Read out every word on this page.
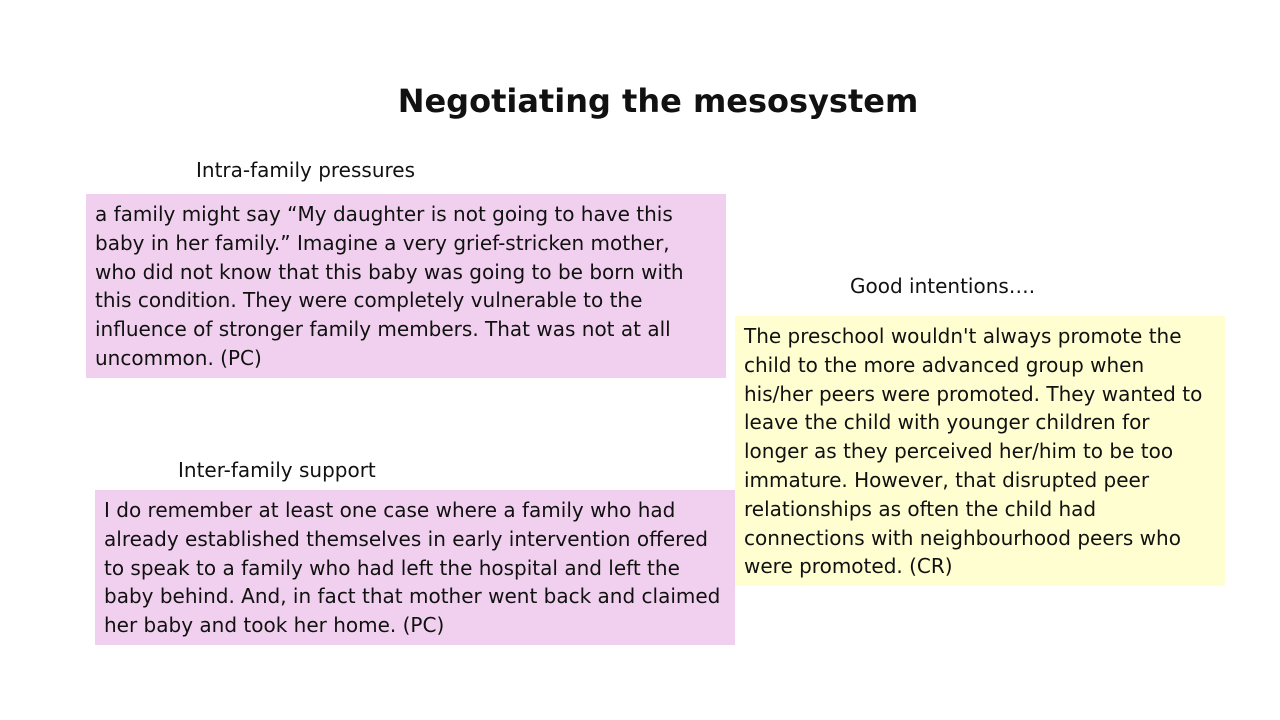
Negotiating the mesosystem

Intra-family pressures

a family might say “My daughter is not going to have this baby in her family.” Imagine a very grief-stricken mother, who did not know that this baby was going to be born with this condition. They were completely vulnerable to the influence of stronger family members. That was not at all uncommon. (PC)

Inter-family support

I do remember at least one case where a family who had already established themselves in early intervention offered to speak to a family who had left the hospital and left the baby behind. And, in fact that mother went back and claimed her baby and took her home. (PC)

Good intentions….

The preschool wouldn't always promote the child to the more advanced group when his/her peers were promoted. They wanted to leave the child with younger children for longer as they perceived her/him to be too immature. However, that disrupted peer relationships as often the child had connections with neighbourhood peers who were promoted. (CR)
